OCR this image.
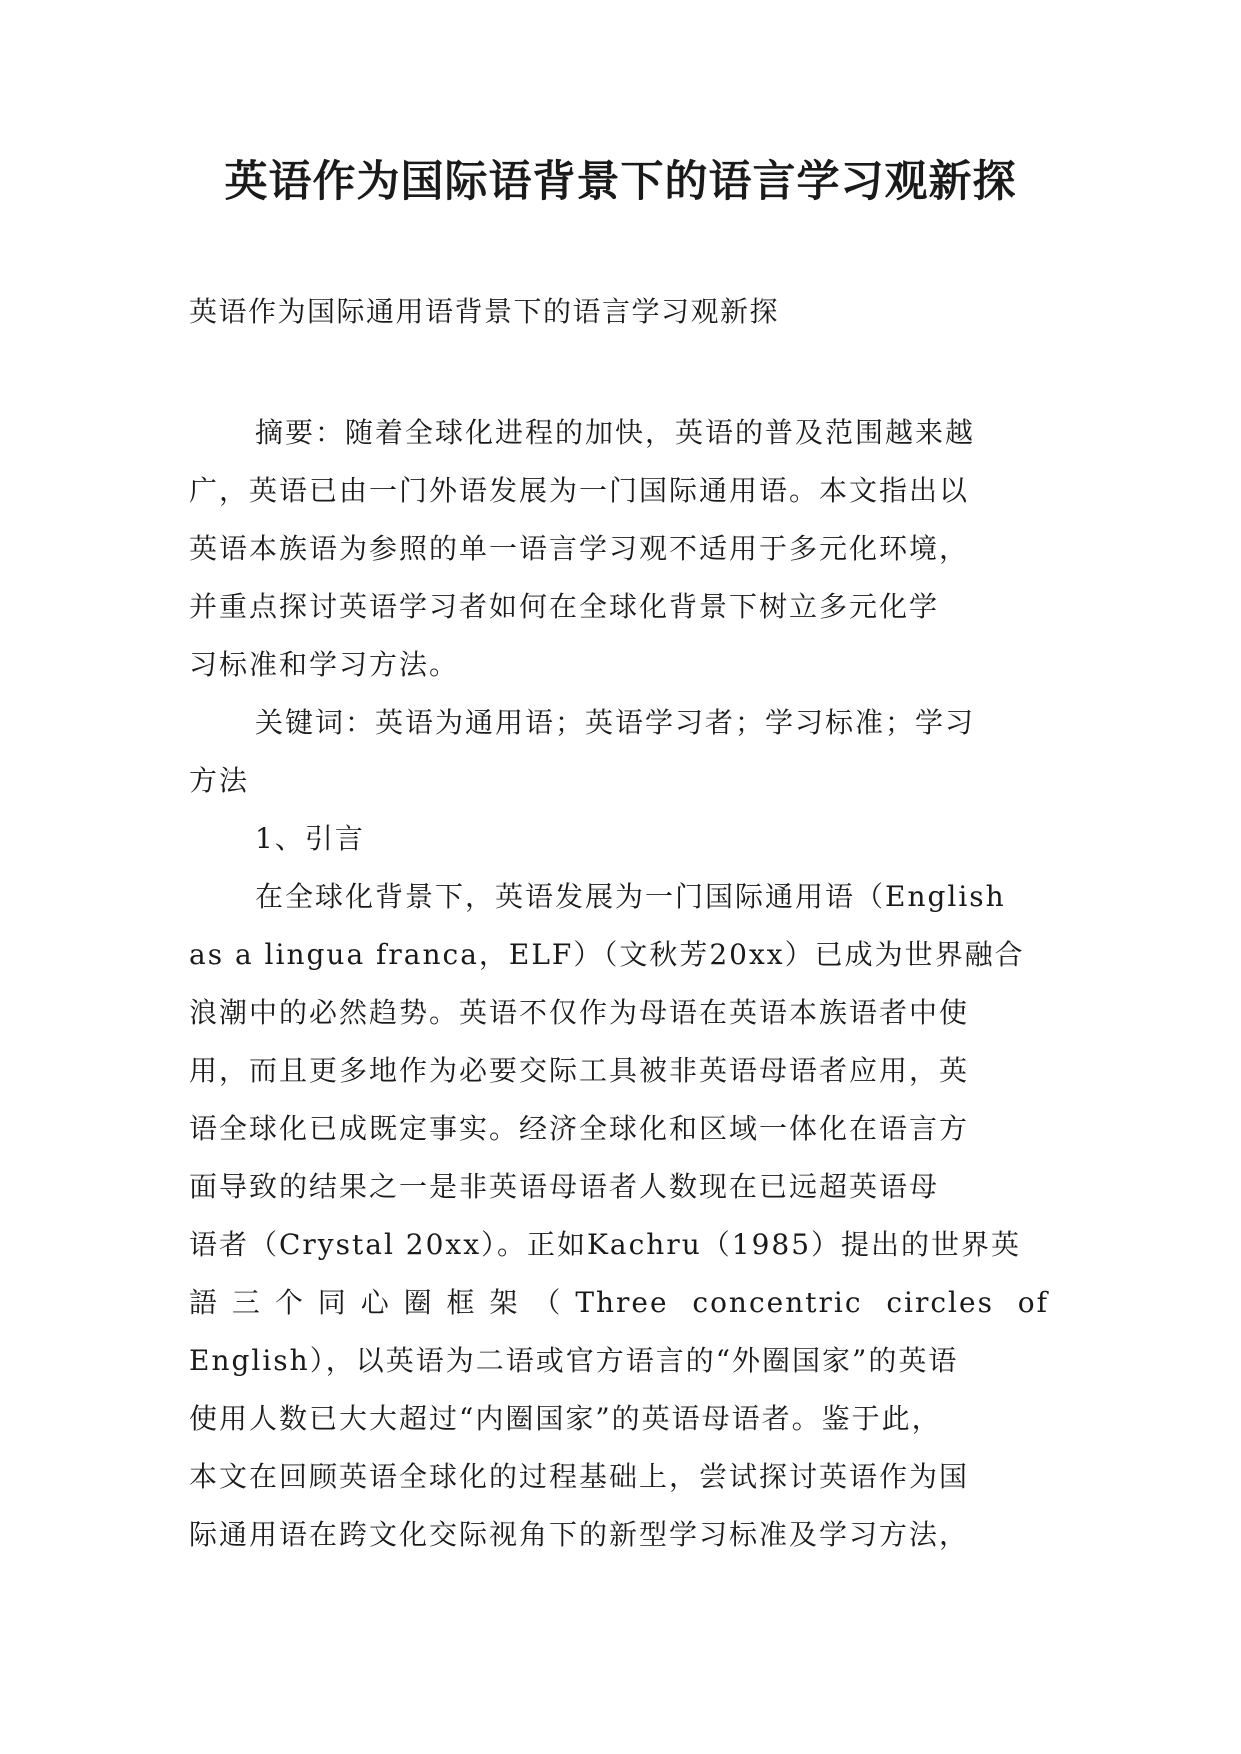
英语作为国际语背景下的语言学习观新探

英语作为国际通用语背景下的语言学习观新探

摘要：随着全球化进程的加快，英语的普及范围越来越
广，英语已由一门外语发展为一门国际通用语。本文指出以
英语本族语为参照的单一语言学习观不适用于多元化环境，
并重点探讨英语学习者如何在全球化背景下树立多元化学
习标准和学习方法。
关键词：英语为通用语；英语学习者；学习标准；学习
方法
1、引言
在全球化背景下，英语发展为一门国际通用语（English
as a lingua franca，ELF）（文秋芳20xx）已成为世界融合
浪潮中的必然趋势。英语不仅作为母语在英语本族语者中使
用，而且更多地作为必要交际工具被非英语母语者应用，英
语全球化已成既定事实。经济全球化和区域一体化在语言方
面导致的结果之一是非英语母语者人数现在已远超英语母
语者（Crystal 20xx）。正如Kachru（1985）提出的世界英
語三个同心圈框架（Three concentric circles of
English），以英语为二语或官方语言的“外圈国家”的英语
使用人数已大大超过“内圈国家”的英语母语者。鉴于此，
本文在回顾英语全球化的过程基础上，尝试探讨英语作为国
际通用语在跨文化交际视角下的新型学习标准及学习方法，
